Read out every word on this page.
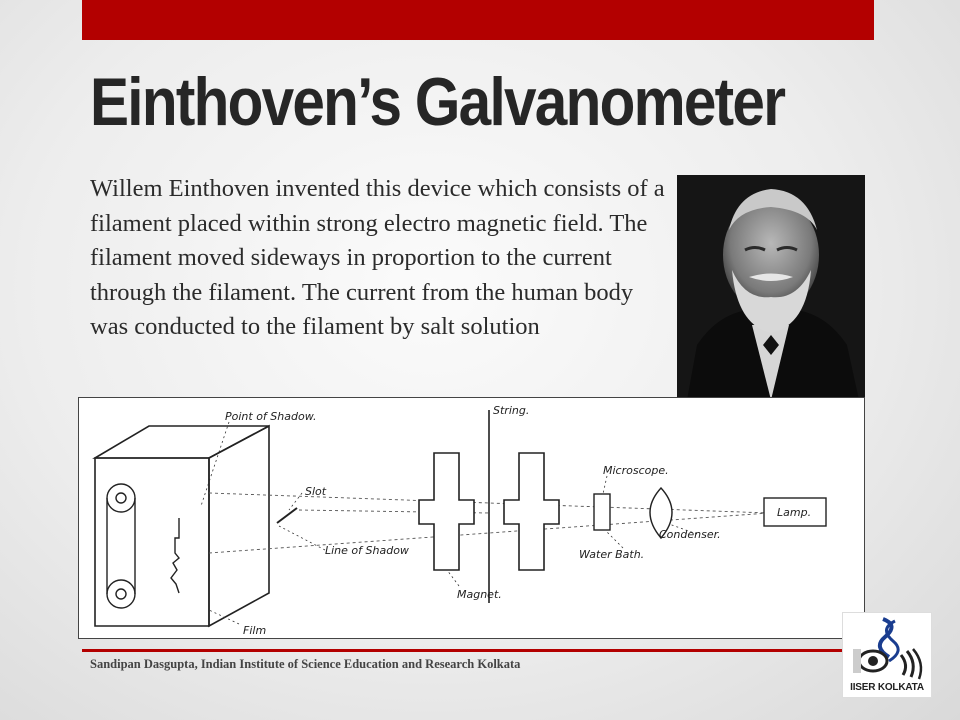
Einthoven’s Galvanometer

Willem Einthoven invented this device which consists of a filament placed within strong electro magnetic field. The filament moved sideways in proportion to the current through the filament. The current from the human body was conducted to the filament by salt solution

Point of Shadow.	String.
Slot
Line of Shadow
Microscope.
Water Bath.
Condenser.
Lamp.
Magnet.
Film

Sandipan Dasgupta, Indian Institute of Science Education and Research Kolkata

IISER KOLKATA
